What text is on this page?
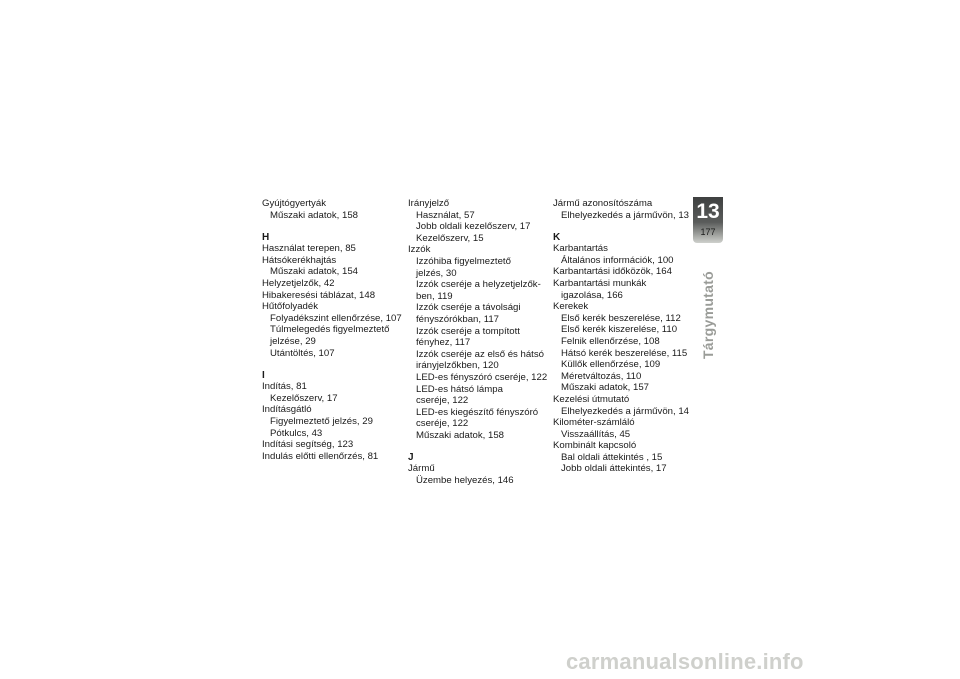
Gyújtógyertyák
Műszaki adatok, 158
H
Használat terepen, 85
Hátsókerékhajtás
Műszaki adatok, 154
Helyzetjelzők, 42
Hibakeresési táblázat, 148
Hűtőfolyadék
Folyadékszint ellenőrzése, 107
Túlmelegedés figyelmeztető
jelzése, 29
Utántöltés, 107
I
Indítás, 81
Kezelőszerv, 17
Indításgátló
Figyelmeztető jelzés, 29
Pótkulcs, 43
Indítási segítség, 123
Indulás előtti ellenőrzés, 81
Irányjelző
Használat, 57
Jobb oldali kezelőszerv, 17
Kezelőszerv, 15
Izzók
Izzóhiba figyelmeztető
jelzés, 30
Izzók cseréje a helyzetjelzők-
ben, 119
Izzók cseréje a távolsági
fényszórókban, 117
Izzók cseréje a tompított
fényhez, 117
Izzók cseréje az első és hátsó
irányjelzőkben, 120
LED-es fényszóró cseréje, 122
LED-es hátsó lámpa
cseréje, 122
LED-es kiegészítő fényszóró
cseréje, 122
Műszaki adatok, 158
J
Jármű
Üzembe helyezés, 146
Jármű azonosítószáma
Elhelyezkedés a járművön, 13
K
Karbantartás
Általános információk, 100
Karbantartási időközök, 164
Karbantartási munkák
igazolása, 166
Kerekek
Első kerék beszerelése, 112
Első kerék kiszerelése, 110
Felnik ellenőrzése, 108
Hátsó kerék beszerelése, 115
Küllők ellenőrzése, 109
Méretváltozás, 110
Műszaki adatok, 157
Kezelési útmutató
Elhelyezkedés a járművön, 14
Kilométer-számláló
Visszaállítás, 45
Kombinált kapcsoló
Bal oldali áttekintés , 15
Jobb oldali áttekintés, 17
13
177
Tárgymutató
carmanualsonline.info
